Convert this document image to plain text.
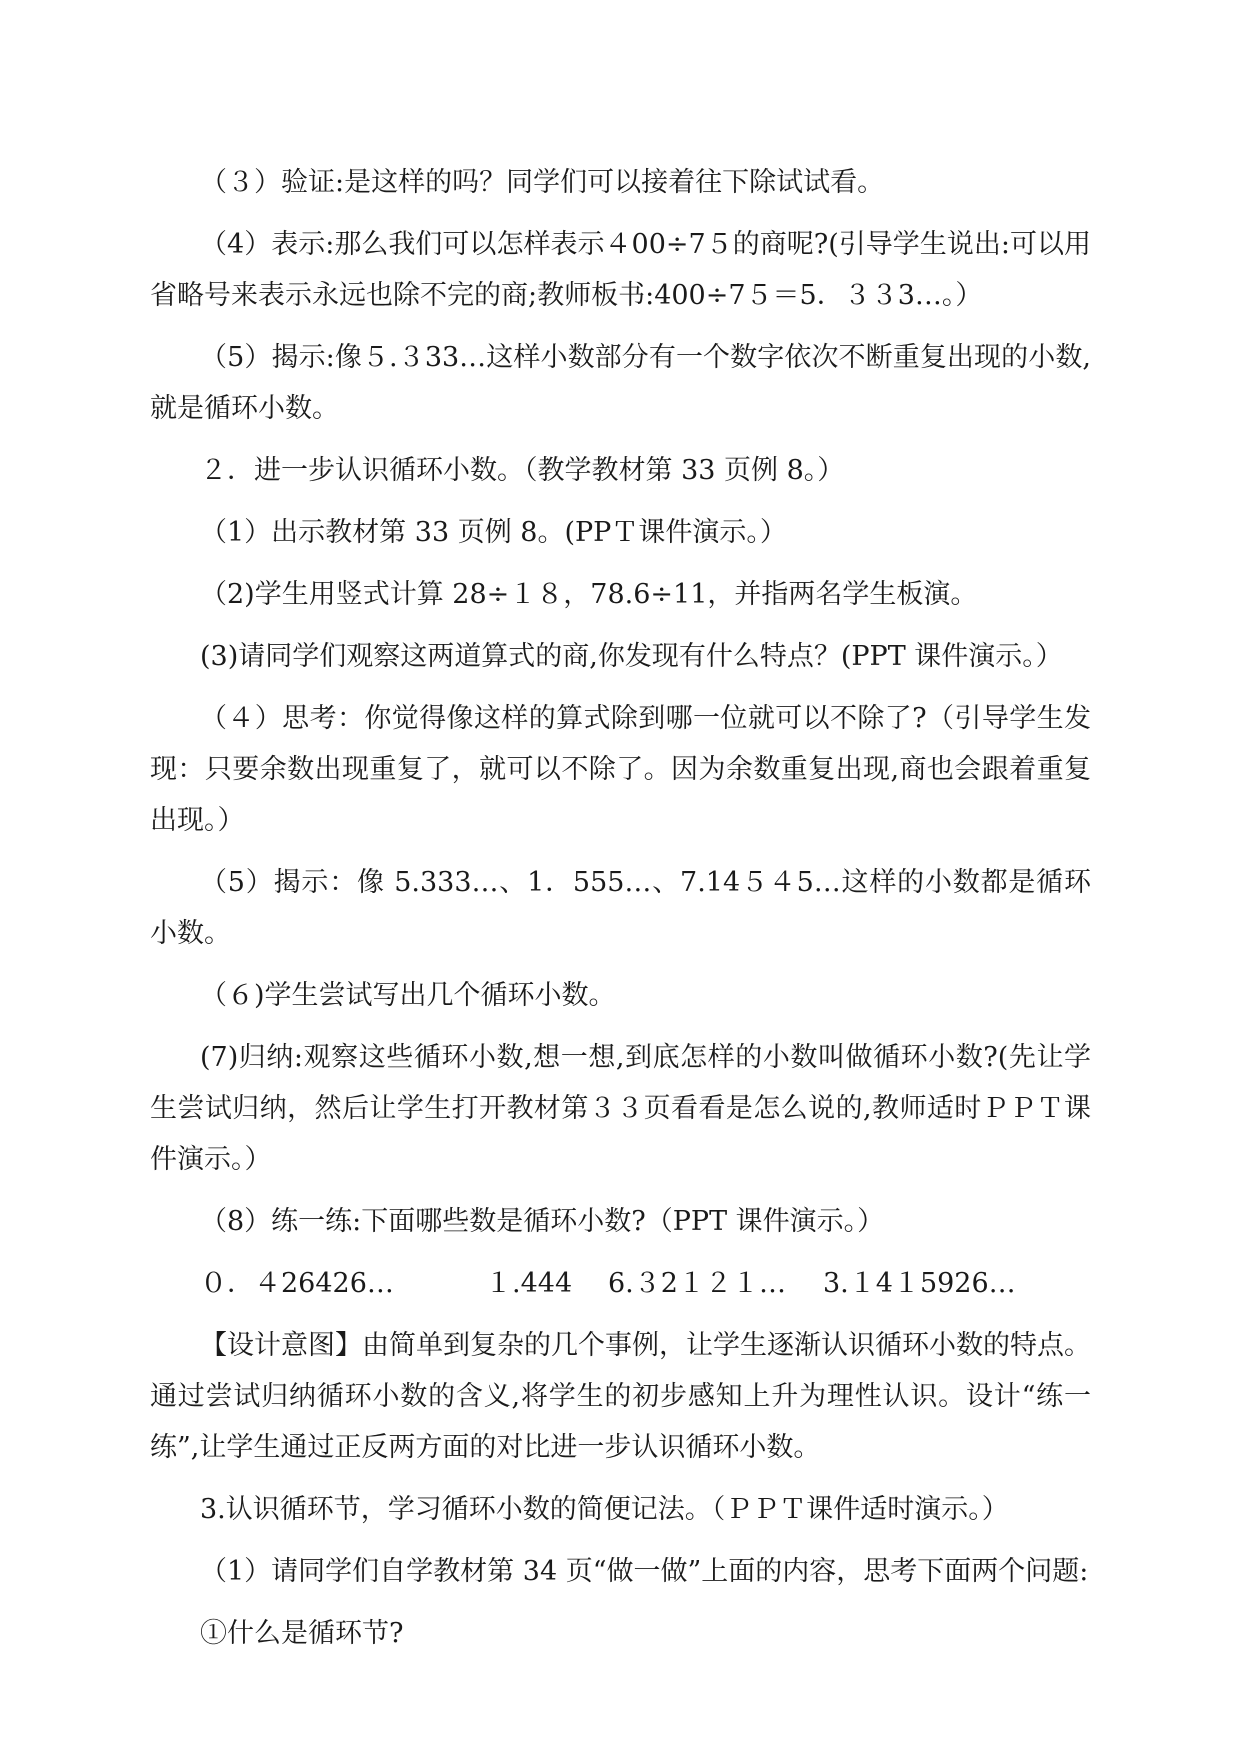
（３）验证:是这样的吗？同学们可以接着往下除试试看。

（4）表示:那么我们可以怎样表示４00÷7５的商呢?(引导学生说出:可以用省略号来表示永远也除不完的商;教师板书:400÷7５＝5．３３3…。）

（5）揭示:像５.３33…这样小数部分有一个数字依次不断重复出现的小数,就是循环小数。

２．进一步认识循环小数。（教学教材第 33 页例 8。）

（1）出示教材第 33 页例 8。(PPＴ课件演示。）

（2)学生用竖式计算 28÷１８，78.6÷11，并指两名学生板演。

(3)请同学们观察这两道算式的商,你发现有什么特点？(PPT 课件演示。）

（４）思考：你觉得像这样的算式除到哪一位就可以不除了?（引导学生发现：只要余数出现重复了，就可以不除了。因为余数重复出现,商也会跟着重复出现。）

（5）揭示：像 5.333…、1．555…、7.14５４5…这样的小数都是循环小数。

（６)学生尝试写出几个循环小数。

(7)归纳:观察这些循环小数,想一想,到底怎样的小数叫做循环小数?(先让学生尝试归纳，然后让学生打开教材第３３页看看是怎么说的,教师适时ＰＰＴ课件演示。）

（8）练一练:下面哪些数是循环小数?（PPT 课件演示。）

０．４26426…	１.444	6.３2１２１…	3.１4１5926…

【设计意图】由简单到复杂的几个事例，让学生逐渐认识循环小数的特点。通过尝试归纳循环小数的含义,将学生的初步感知上升为理性认识。设计“练一练”,让学生通过正反两方面的对比进一步认识循环小数。

3.认识循环节，学习循环小数的简便记法。（ＰＰＴ课件适时演示。）

（1）请同学们自学教材第 34 页“做一做”上面的内容，思考下面两个问题:

①什么是循环节?
